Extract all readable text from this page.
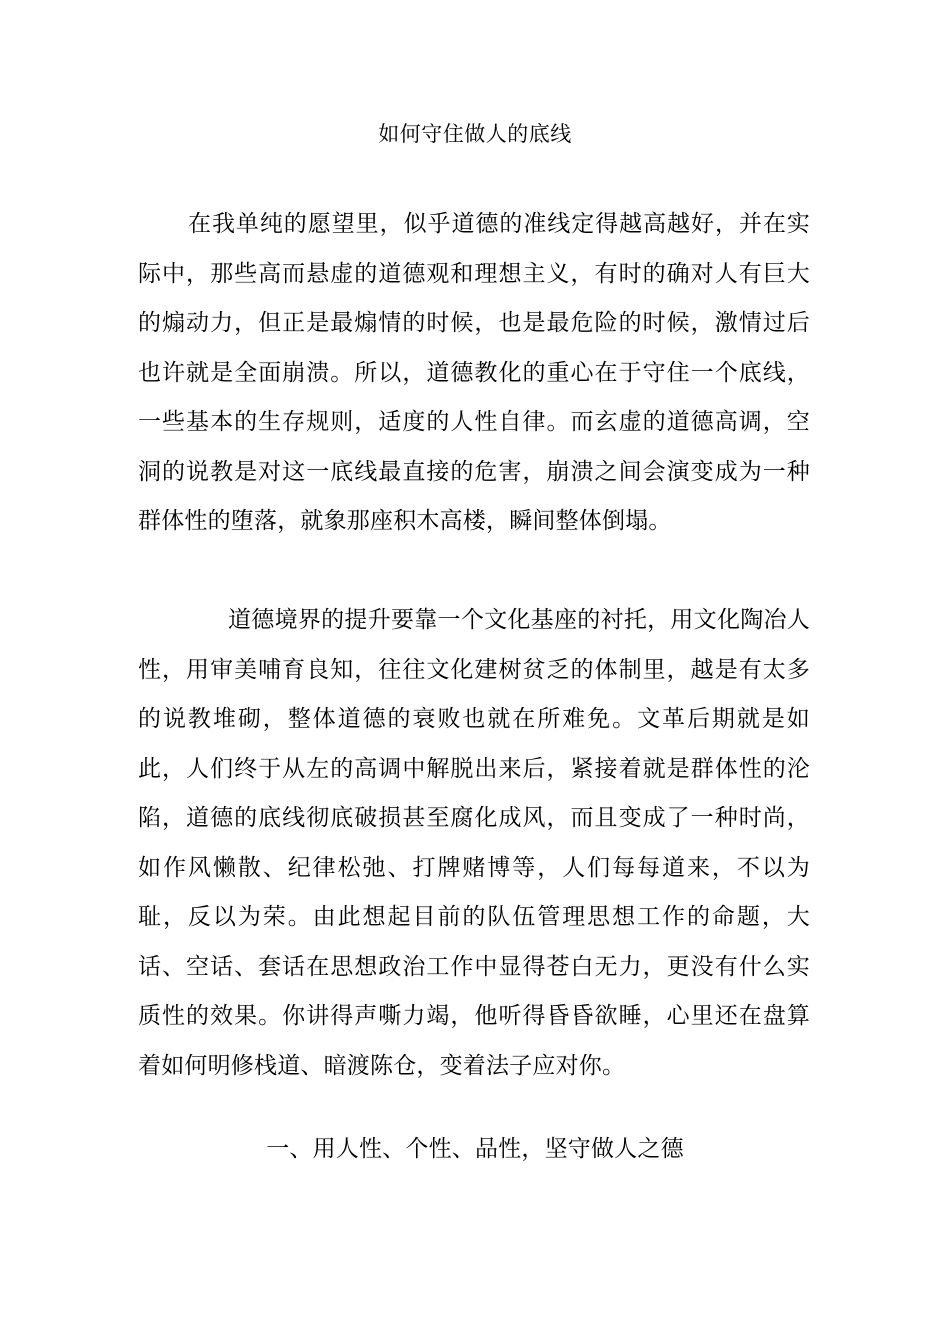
如何守住做人的底线

在我单纯的愿望里，似乎道德的准线定得越高越好，并在实际中，那些高而悬虚的道德观和理想主义，有时的确对人有巨大的煽动力，但正是最煽情的时候，也是最危险的时候，激情过后也许就是全面崩溃。所以，道德教化的重心在于守住一个底线，一些基本的生存规则，适度的人性自律。而玄虚的道德高调，空洞的说教是对这一底线最直接的危害，崩溃之间会演变成为一种群体性的堕落，就象那座积木高楼，瞬间整体倒塌。

道德境界的提升要靠一个文化基座的衬托，用文化陶冶人性，用审美哺育良知，往往文化建树贫乏的体制里，越是有太多的说教堆砌，整体道德的衰败也就在所难免。文革后期就是如此，人们终于从左的高调中解脱出来后，紧接着就是群体性的沦陷，道德的底线彻底破损甚至腐化成风，而且变成了一种时尚，如作风懒散、纪律松弛、打牌赌博等，人们每每道来，不以为耻，反以为荣。由此想起目前的队伍管理思想工作的命题，大话、空话、套话在思想政治工作中显得苍白无力，更没有什么实质性的效果。你讲得声嘶力竭，他听得昏昏欲睡，心里还在盘算着如何明修栈道、暗渡陈仓，变着法子应对你。

一、用人性、个性、品性，坚守做人之德
